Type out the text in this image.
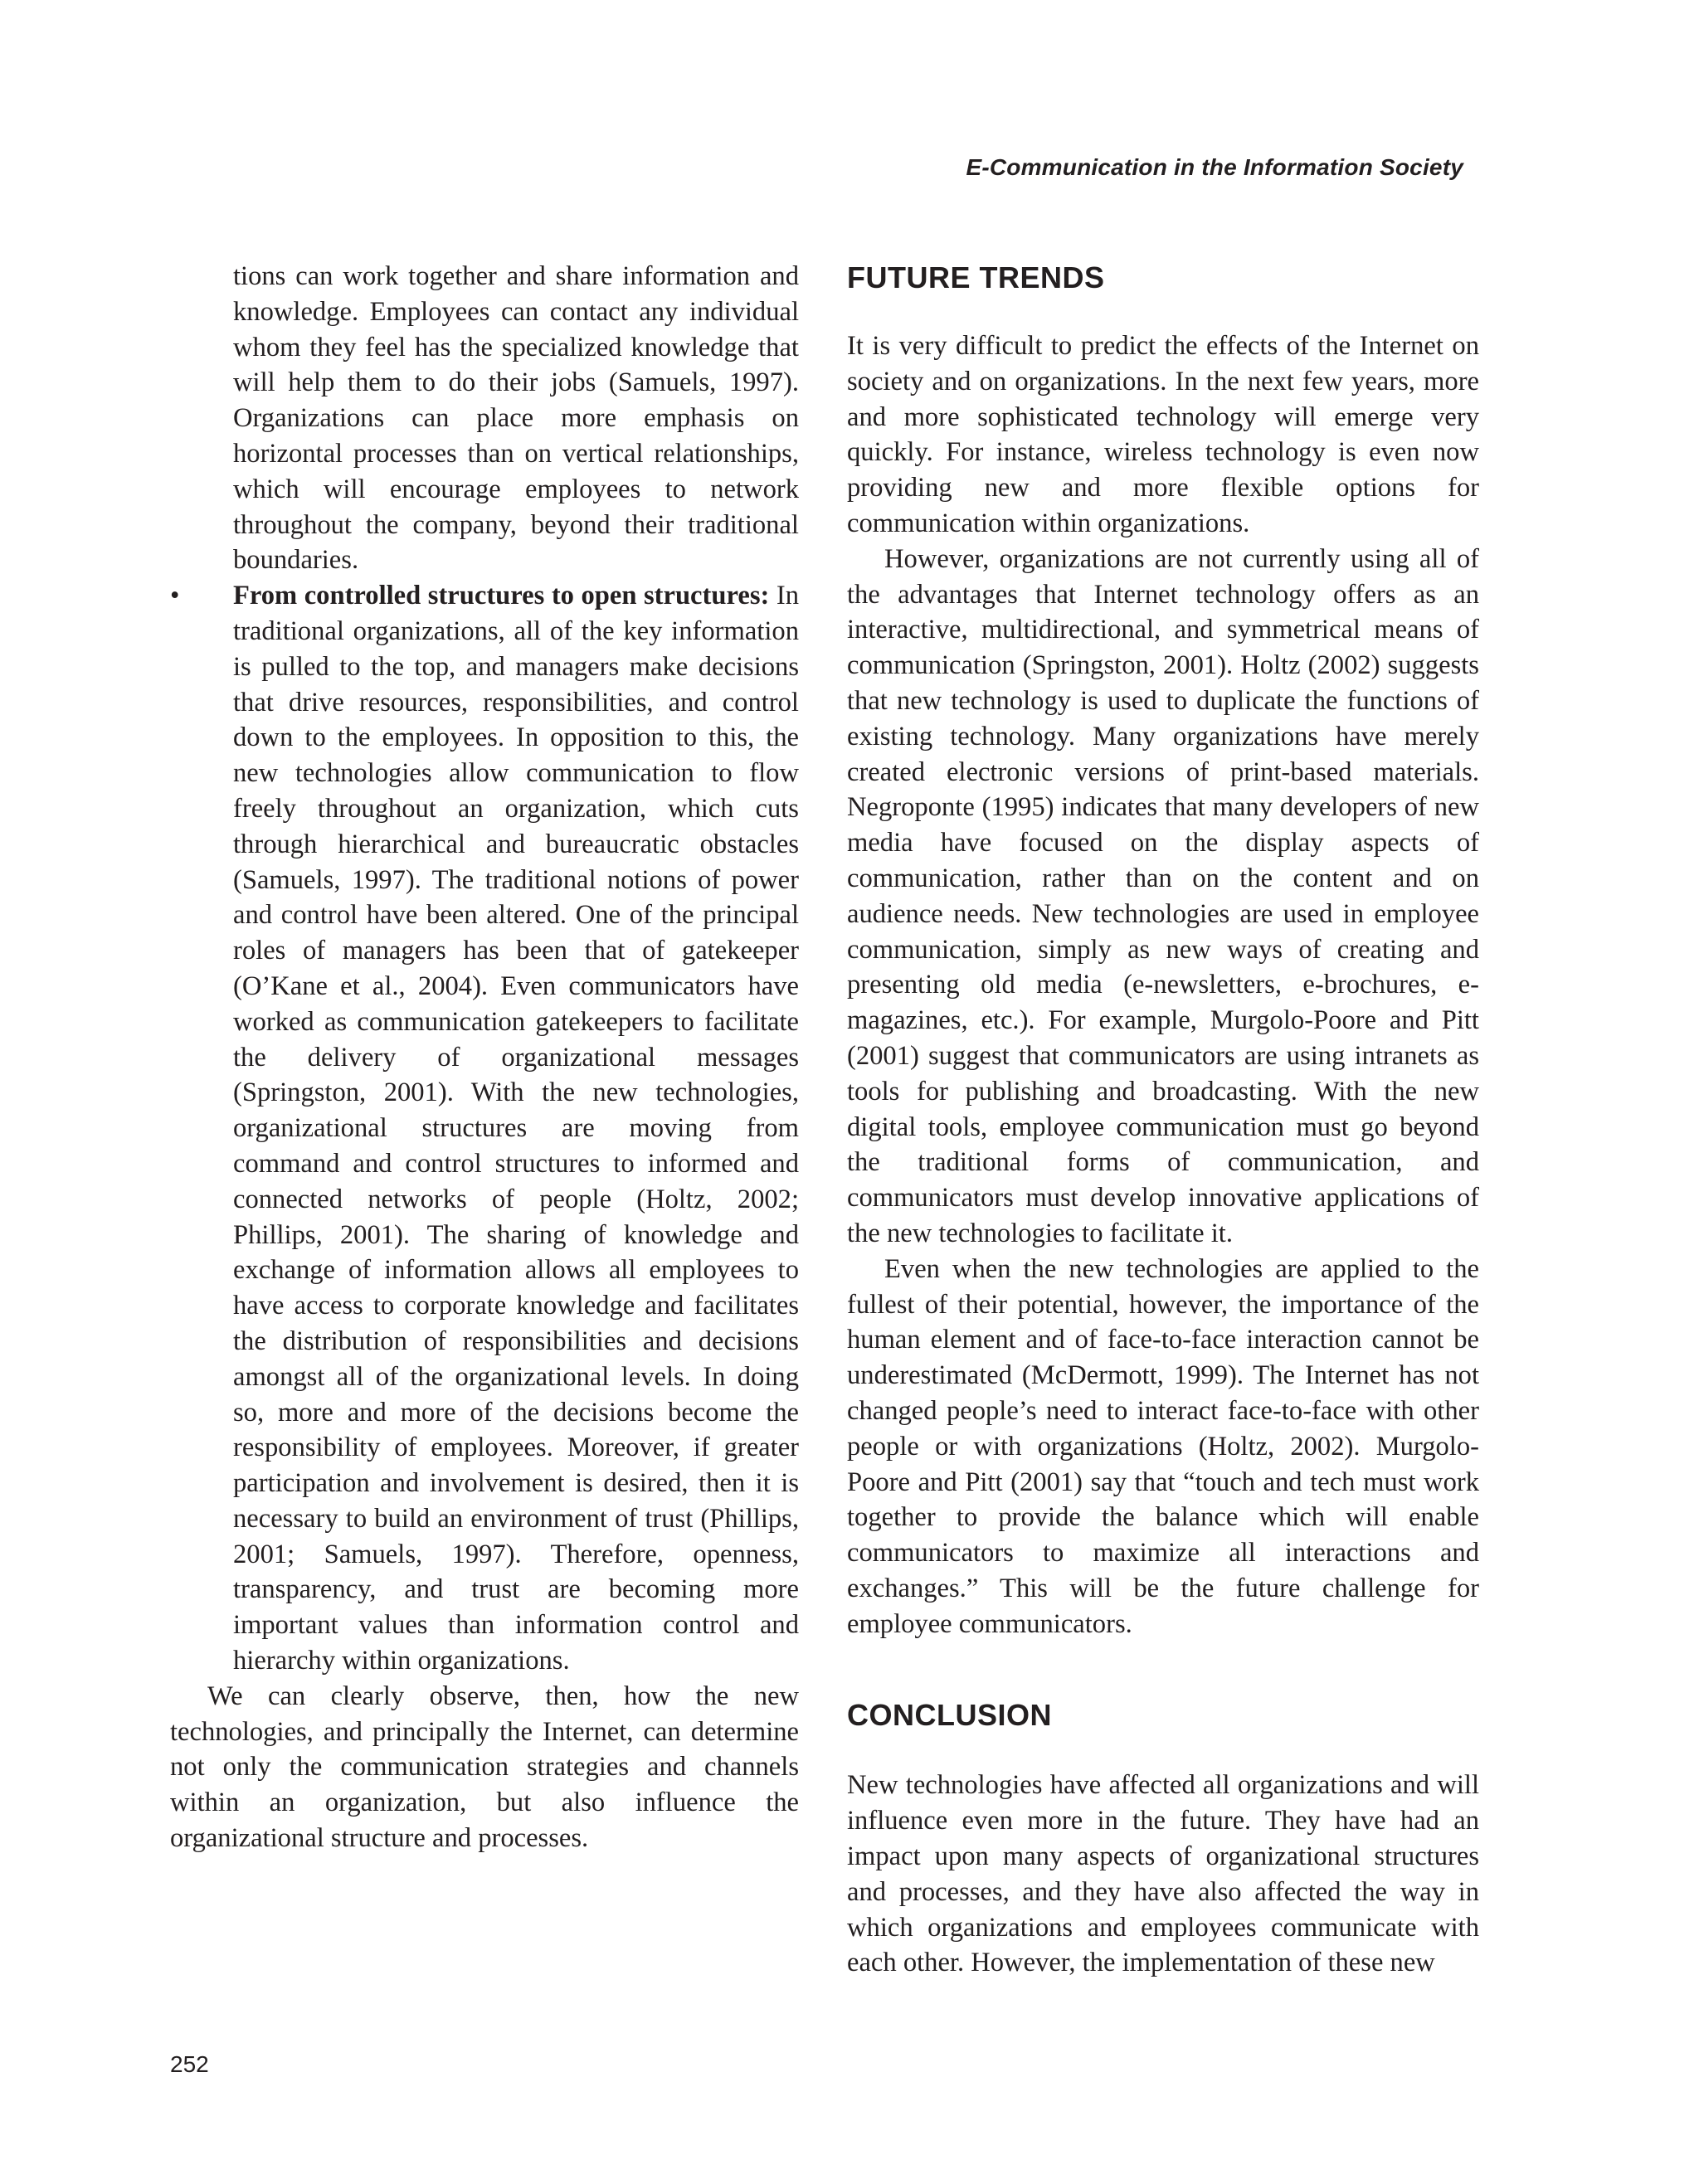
E-Communication in the Information Society

tions can work together and share information and knowledge. Employees can contact any individual whom they feel has the specialized knowledge that will help them to do their jobs (Samuels, 1997). Organizations can place more emphasis on horizontal processes than on vertical relationships, which will encourage employees to network throughout the company, beyond their traditional boundaries.

• From controlled structures to open structures: In traditional organizations, all of the key information is pulled to the top, and managers make decisions that drive resources, responsibilities, and control down to the employees. In opposition to this, the new technologies allow communication to flow freely throughout an organization, which cuts through hierarchical and bureaucratic obstacles (Samuels, 1997). The traditional notions of power and control have been altered. One of the principal roles of managers has been that of gatekeeper (O’Kane et al., 2004). Even communicators have worked as communication gatekeepers to facilitate the delivery of organizational messages (Springston, 2001). With the new technologies, organizational structures are moving from command and control structures to informed and connected networks of people (Holtz, 2002; Phillips, 2001). The sharing of knowledge and exchange of information allows all employees to have access to corporate knowledge and facilitates the distribution of responsibilities and decisions amongst all of the organizational levels. In doing so, more and more of the decisions become the responsibility of employees. Moreover, if greater participation and involvement is desired, then it is necessary to build an environment of trust (Phillips, 2001; Samuels, 1997). Therefore, openness, transparency, and trust are becoming more important values than information control and hierarchy within organizations.

We can clearly observe, then, how the new technologies, and principally the Internet, can determine not only the communication strategies and channels within an organization, but also influence the organizational structure and processes.

FUTURE TRENDS

It is very difficult to predict the effects of the Internet on society and on organizations. In the next few years, more and more sophisticated technology will emerge very quickly. For instance, wireless technology is even now providing new and more flexible options for communication within organizations.

However, organizations are not currently using all of the advantages that Internet technology offers as an interactive, multidirectional, and symmetrical means of communication (Springston, 2001). Holtz (2002) suggests that new technology is used to duplicate the functions of existing technology. Many organizations have merely created electronic versions of print-based materials. Negroponte (1995) indicates that many developers of new media have focused on the display aspects of communication, rather than on the content and on audience needs. New technologies are used in employee communication, simply as new ways of creating and presenting old media (e-newsletters, e-brochures, e-magazines, etc.). For example, Murgolo-Poore and Pitt (2001) suggest that communicators are using intranets as tools for publishing and broadcasting. With the new digital tools, employee communication must go beyond the traditional forms of communication, and communicators must develop innovative applications of the new technologies to facilitate it.

Even when the new technologies are applied to the fullest of their potential, however, the importance of the human element and of face-to-face interaction cannot be underestimated (McDermott, 1999). The Internet has not changed people’s need to interact face-to-face with other people or with organizations (Holtz, 2002). Murgolo-Poore and Pitt (2001) say that “touch and tech must work together to provide the balance which will enable communicators to maximize all interactions and exchanges.” This will be the future challenge for employee communicators.

CONCLUSION

New technologies have affected all organizations and will influence even more in the future. They have had an impact upon many aspects of organizational structures and processes, and they have also affected the way in which organizations and employees communicate with each other. However, the implementation of these new

252
